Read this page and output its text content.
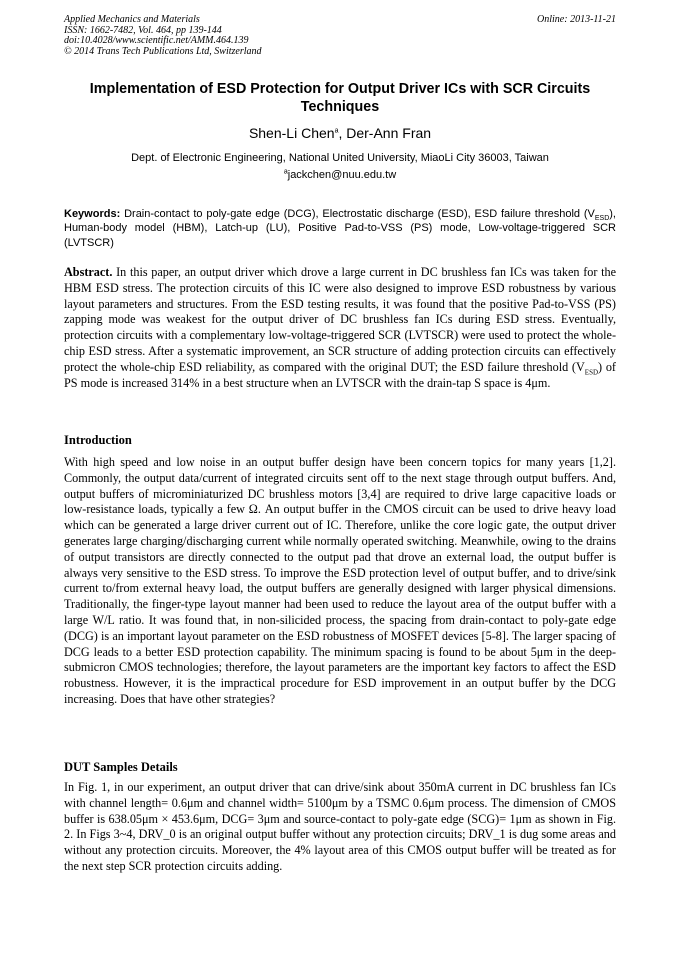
Applied Mechanics and Materials
ISSN: 1662-7482, Vol. 464, pp 139-144
doi:10.4028/www.scientific.net/AMM.464.139
© 2014 Trans Tech Publications Ltd, Switzerland
Online: 2013-11-21
Implementation of ESD Protection for Output Driver ICs with SCR Circuits Techniques
Shen-Li Chen$^a$, Der-Ann Fran
Dept. of Electronic Engineering, National United University, MiaoLi City 36003, Taiwan
$^a$jackchen@nuu.edu.tw
Keywords: Drain-contact to poly-gate edge (DCG), Electrostatic discharge (ESD), ESD failure threshold $(V_{ESD})$, Human-body model (HBM), Latch-up (LU), Positive Pad-to-VSS (PS) mode, Low-voltage-triggered SCR (LVTSCR)
Abstract. In this paper, an output driver which drove a large current in DC brushless fan ICs was taken for the HBM ESD stress. The protection circuits of this IC were also designed to improve ESD robustness by various layout parameters and structures. From the ESD testing results, it was found that the positive Pad-to-VSS (PS) zapping mode was weakest for the output driver of DC brushless fan ICs during ESD stress. Eventually, protection circuits with a complementary low-voltage-triggered SCR (LVTSCR) were used to protect the whole-chip ESD stress. After a systematic improvement, an SCR structure of adding protection circuits can effectively protect the whole-chip ESD reliability, as compared with the original DUT; the ESD failure threshold $(V_{ESD})$ of PS mode is increased 314% in a best structure when an LVTSCR with the drain-tap S space is 4μm.
Introduction

With high speed and low noise in an output buffer design have been concern topics for many years [1,2]. Commonly, the output data/current of integrated circuits sent off to the next stage through output buffers. And, output buffers of microminiaturized DC brushless motors [3,4] are required to drive large capacitive loads or low-resistance loads, typically a few Ω. An output buffer in the CMOS circuit can be used to drive heavy load which can be generated a large driver current out of IC. Therefore, unlike the core logic gate, the output driver generates large charging/discharging current while normally operated switching. Meanwhile, owing to the drains of output transistors are directly connected to the output pad that drove an external load, the output buffer is always very sensitive to the ESD stress. To improve the ESD protection level of output buffer, and to drive/sink current to/from external heavy load, the output buffers are generally designed with larger physical dimensions. Traditionally, the finger-type layout manner had been used to reduce the layout area of the output buffer with a large W/L ratio. It was found that, in non-silicided process, the spacing from drain-contact to poly-gate edge (DCG) is an important layout parameter on the ESD robustness of MOSFET devices [5-8]. The larger spacing of DCG leads to a better ESD protection capability. The minimum spacing is found to be about 5μm in the deep-submicron CMOS technologies; therefore, the layout parameters are the important key factors to affect the ESD robustness. However, it is the impractical procedure for ESD improvement in an output buffer by the DCG increasing. Does that have other strategies?

DUT Samples Details

In Fig. 1, in our experiment, an output driver that can drive/sink about 350mA current in DC brushless fan ICs with channel length= 0.6μm and channel width= 5100μm by a TSMC 0.6μm process. The dimension of CMOS buffer is 638.05μm × 453.6μm, DCG= 3μm and source-contact to poly-gate edge (SCG)= 1μm as shown in Fig. 2. In Figs 3~4, DRV_0 is an original output buffer without any protection circuits; DRV_1 is dug some areas and without any protection circuits. Moreover, the 4% layout area of this CMOS output buffer will be treated as for the next step SCR protection circuits adding.
